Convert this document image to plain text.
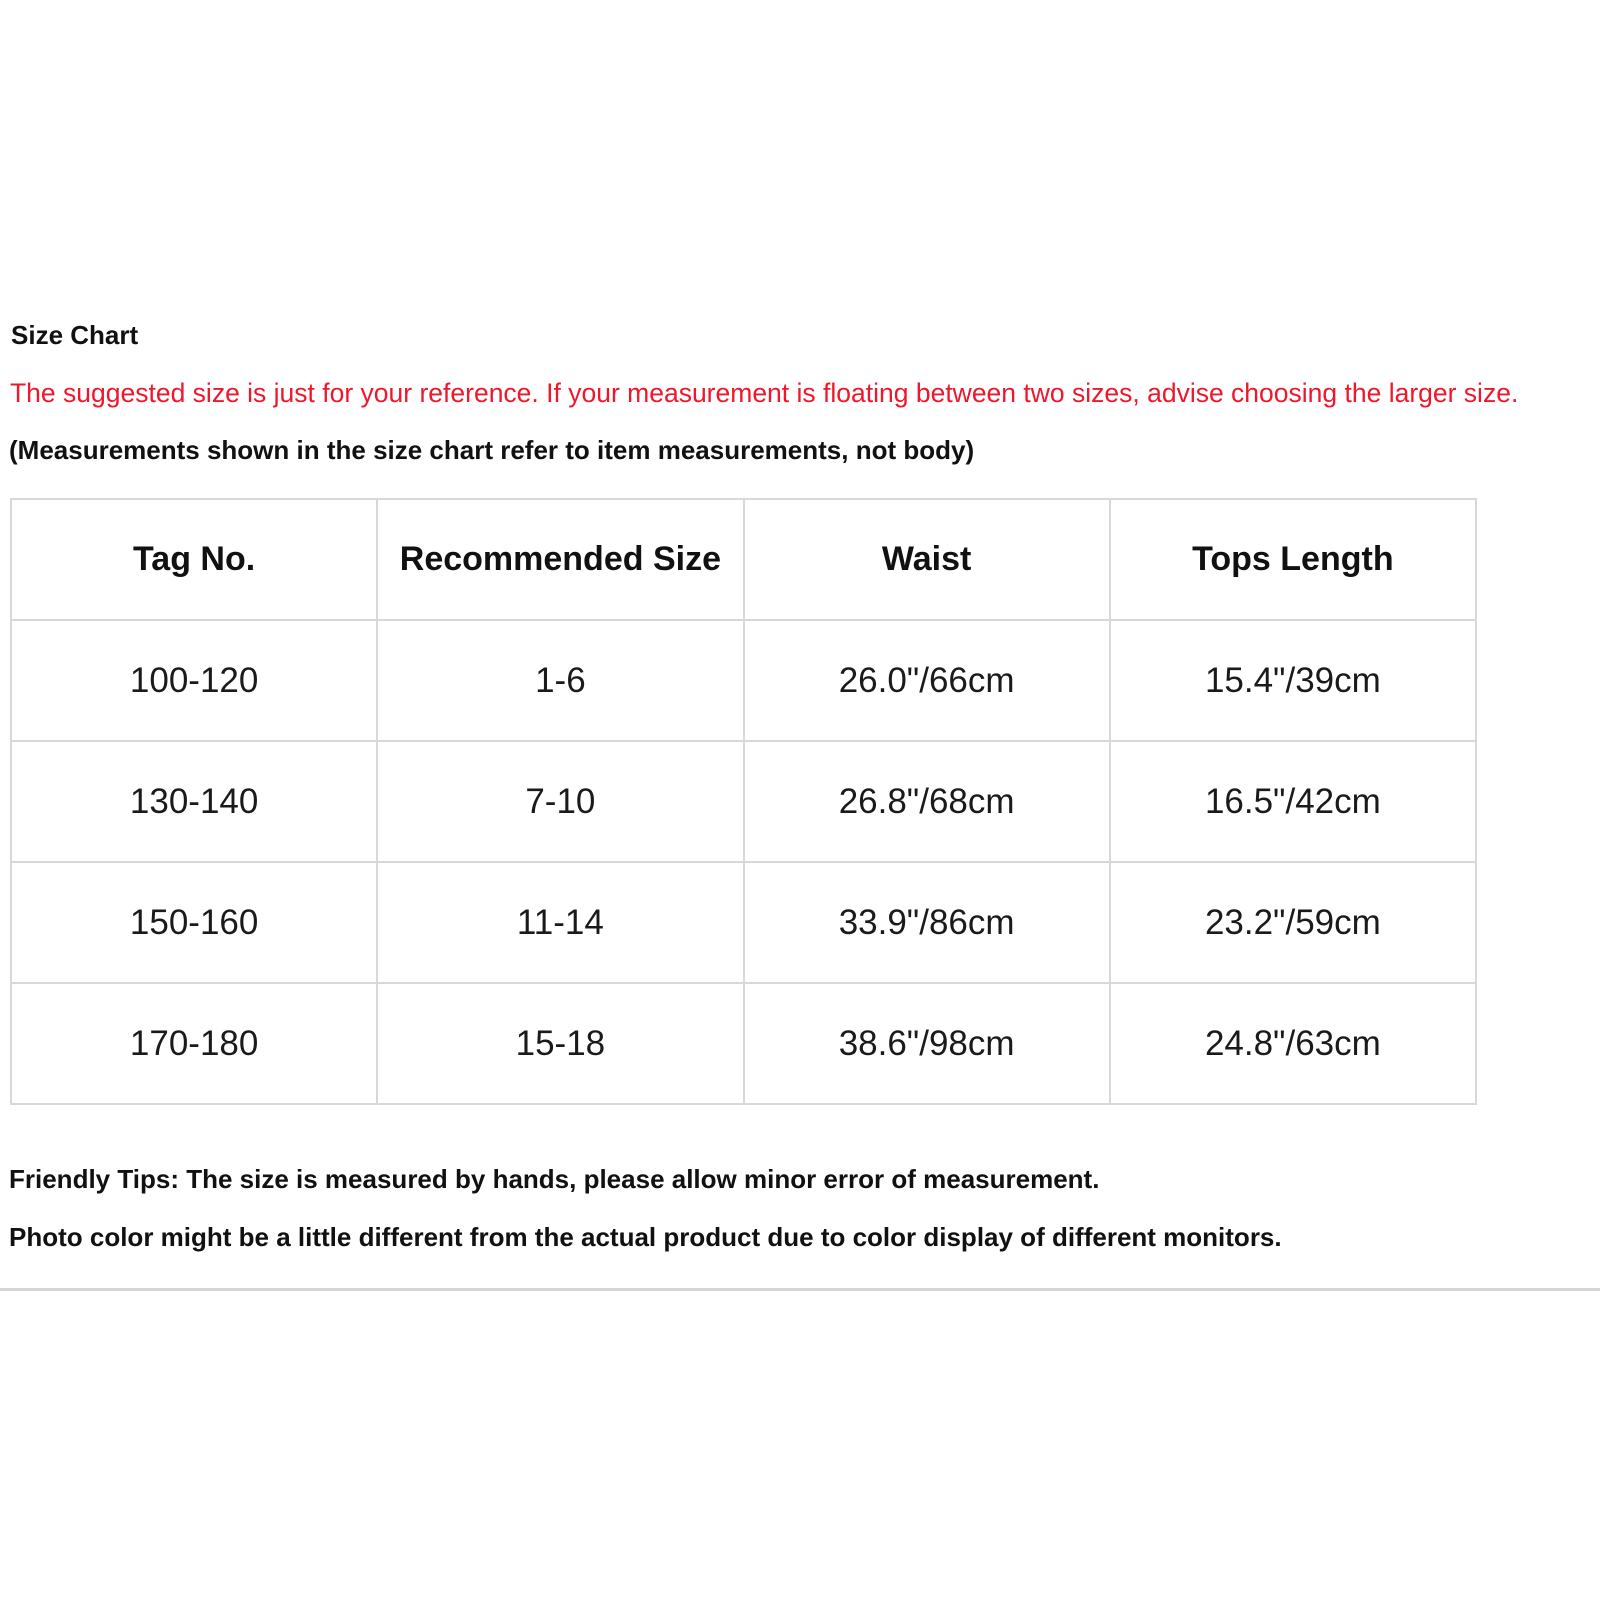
Size Chart
The suggested size is just for your reference. If your measurement is floating between two sizes, advise choosing the larger size.
(Measurements shown in the size chart refer to item measurements, not body)
Tag No.	Recommended Size	Waist	Tops Length
100-120	1-6	26.0"/66cm	15.4"/39cm
130-140	7-10	26.8"/68cm	16.5"/42cm
150-160	11-14	33.9"/86cm	23.2"/59cm
170-180	15-18	38.6"/98cm	24.8"/63cm
Friendly Tips: The size is measured by hands, please allow minor error of measurement.
Photo color might be a little different from the actual product due to color display of different monitors.
